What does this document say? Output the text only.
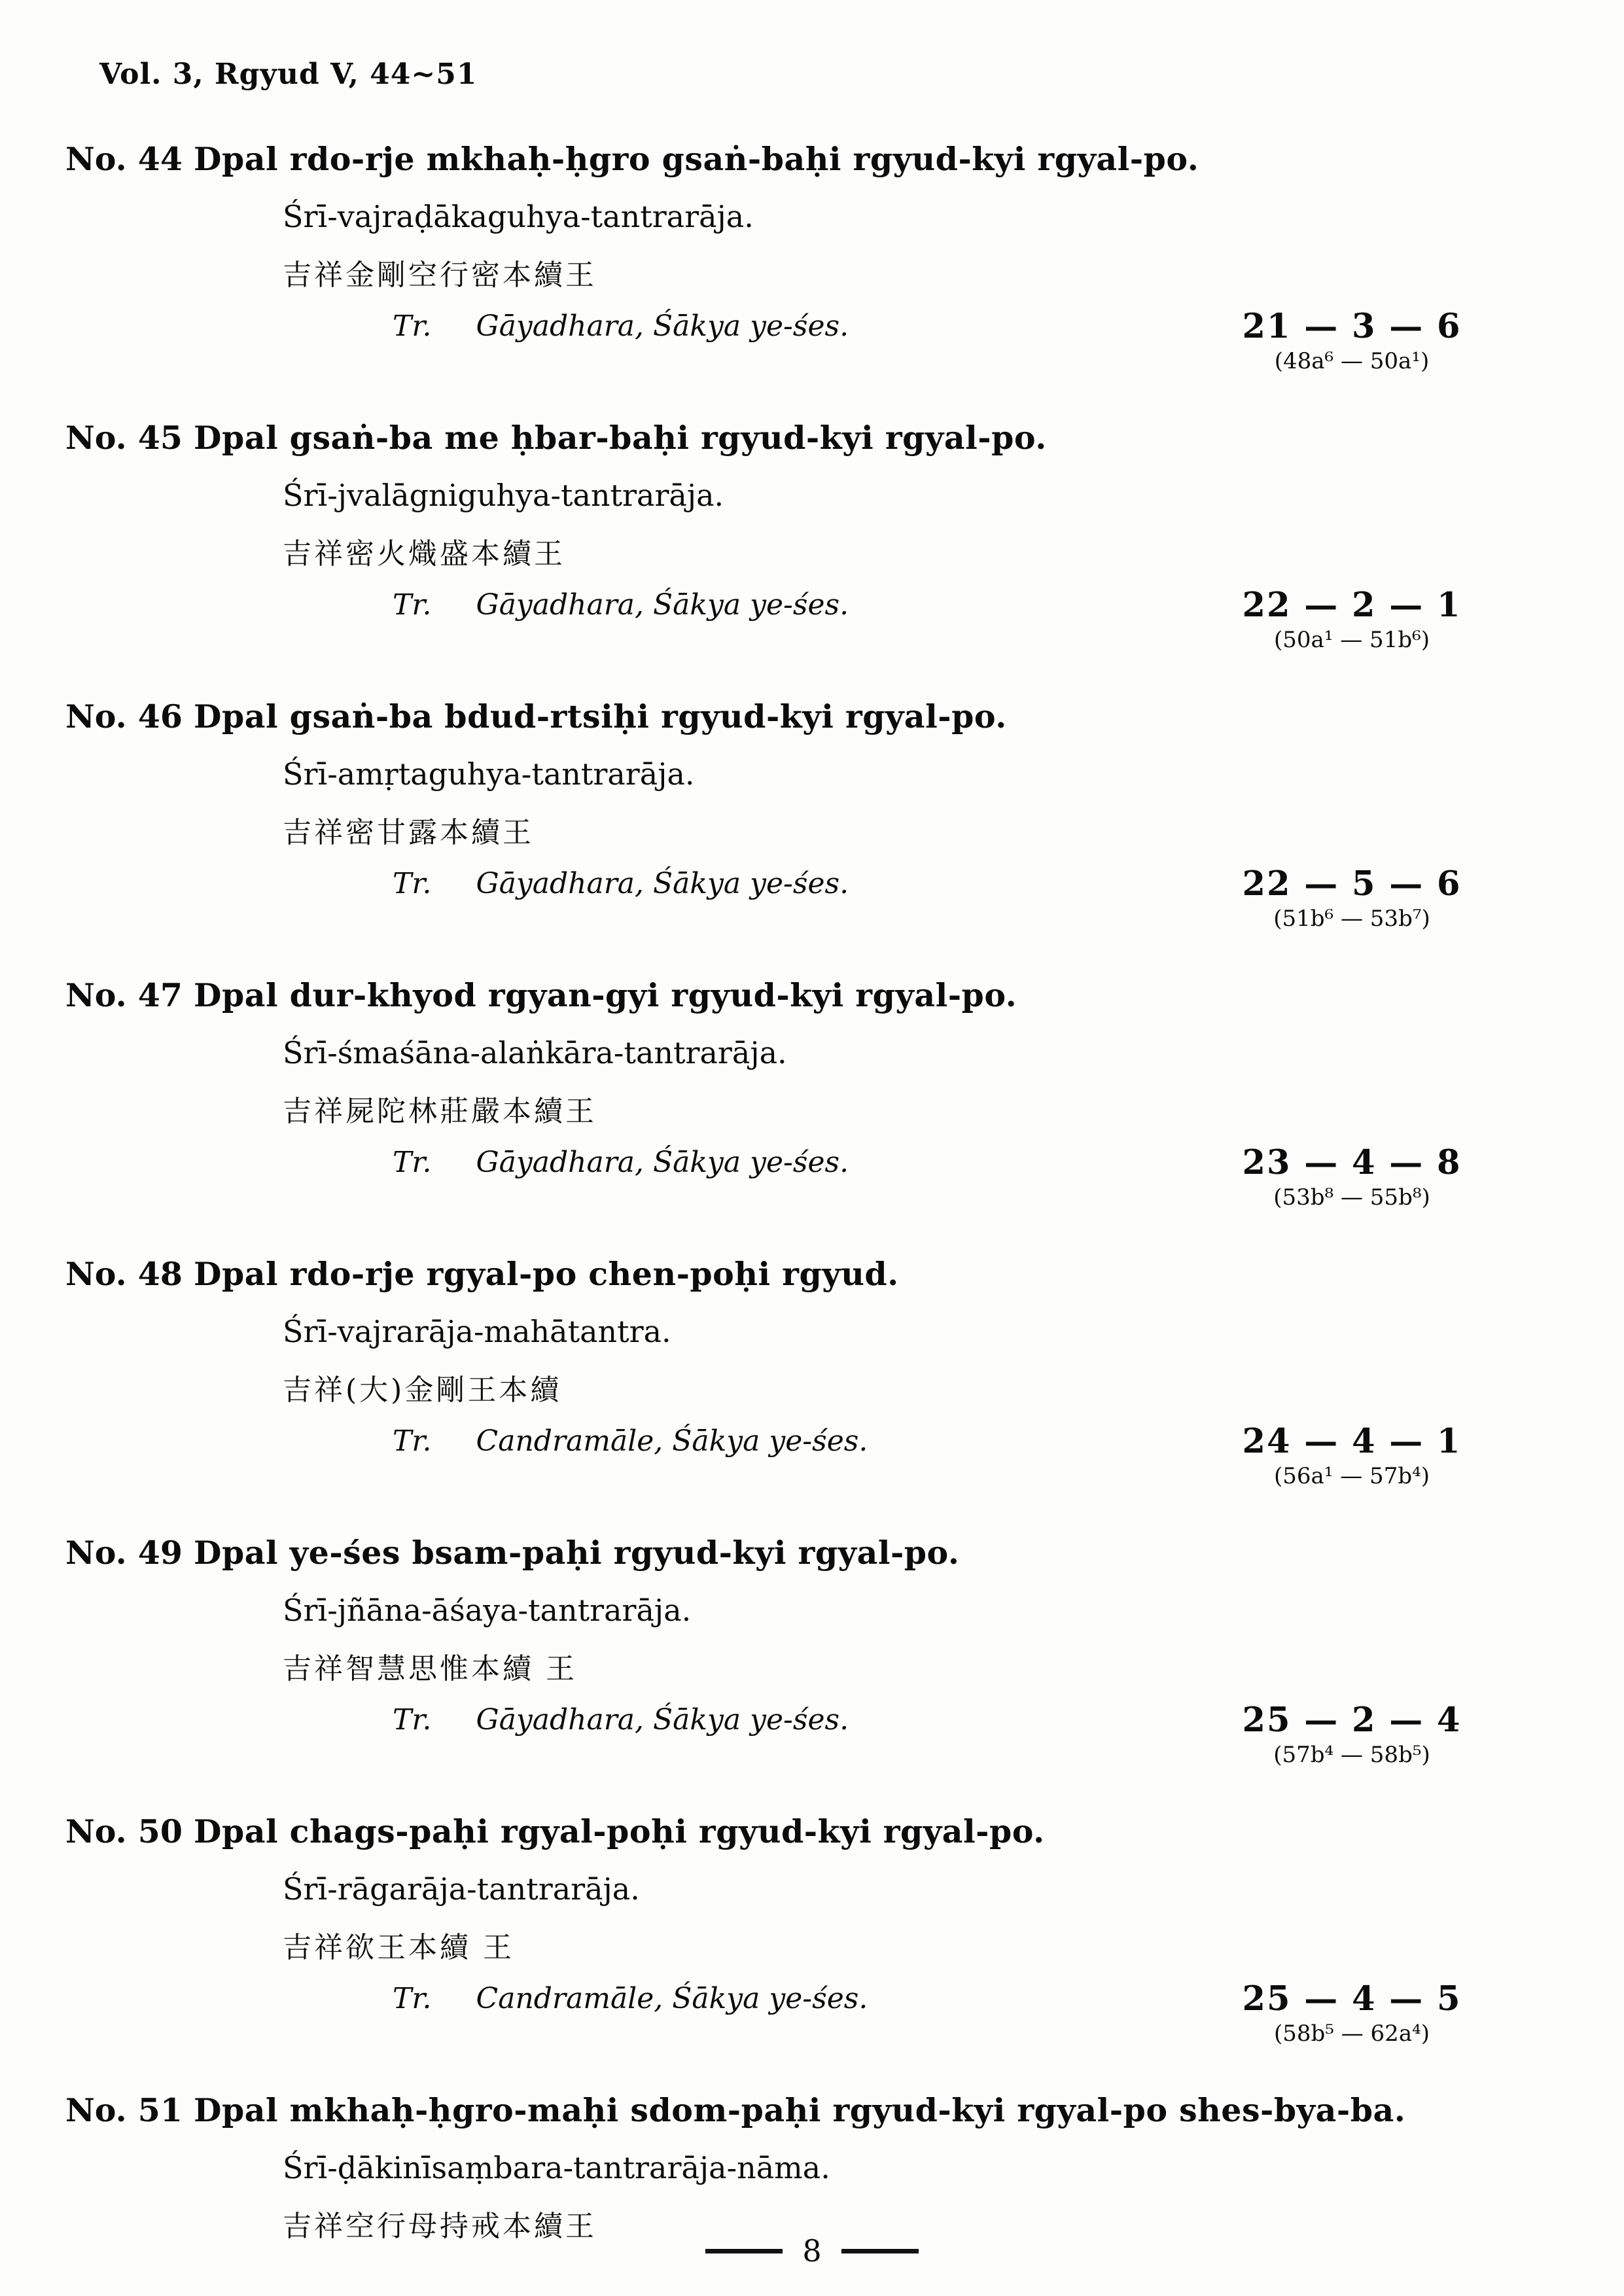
Vol. 3, Rgyud V, 44~51
No. 44 Dpal rdo-rje mkhaḥ-ḥgro gsaṅ-baḥi rgyud-kyi rgyal-po.
Śrī-vajraḍākaguhya-tantrarāja.
吉祥金剛空行密本續王
Tr. Gāyadhara, Śākya ye-śes.	21 — 3 — 6
(48a⁶ — 50a¹)
No. 45 Dpal gsaṅ-ba me ḥbar-baḥi rgyud-kyi rgyal-po.
Śrī-jvalāgniguhya-tantrarāja.
吉祥密火熾盛本續王
Tr. Gāyadhara, Śākya ye-śes.	22 — 2 — 1
(50a¹ — 51b⁶)
No. 46 Dpal gsaṅ-ba bdud-rtsiḥi rgyud-kyi rgyal-po.
Śrī-amṛtaguhya-tantrarāja.
吉祥密甘露本續王
Tr. Gāyadhara, Śākya ye-śes.	22 — 5 — 6
(51b⁶ — 53b⁷)
No. 47 Dpal dur-khyod rgyan-gyi rgyud-kyi rgyal-po.
Śrī-śmaśāna-alaṅkāra-tantrarāja.
吉祥屍陀林莊嚴本續王
Tr. Gāyadhara, Śākya ye-śes.	23 — 4 — 8
(53b⁸ — 55b⁸)
No. 48 Dpal rdo-rje rgyal-po chen-poḥi rgyud.
Śrī-vajrarāja-mahātantra.
吉祥(大)金剛王本續
Tr. Candramāle, Śākya ye-śes.	24 — 4 — 1
(56a¹ — 57b⁴)
No. 49 Dpal ye-śes bsam-paḥi rgyud-kyi rgyal-po.
Śrī-jñāna-āśaya-tantrarāja.
吉祥智慧思惟本續 王
Tr. Gāyadhara, Śākya ye-śes.	25 — 2 — 4
(57b⁴ — 58b⁵)
No. 50 Dpal chags-paḥi rgyal-poḥi rgyud-kyi rgyal-po.
Śrī-rāgarāja-tantrarāja.
吉祥欲王本續 王
Tr. Candramāle, Śākya ye-śes.	25 — 4 — 5
(58b⁵ — 62a⁴)
No. 51 Dpal mkhaḥ-ḥgro-maḥi sdom-paḥi rgyud-kyi rgyal-po shes-bya-ba.
Śrī-ḍākinīsaṃbara-tantrarāja-nāma.
吉祥空行母持戒本續王
8
